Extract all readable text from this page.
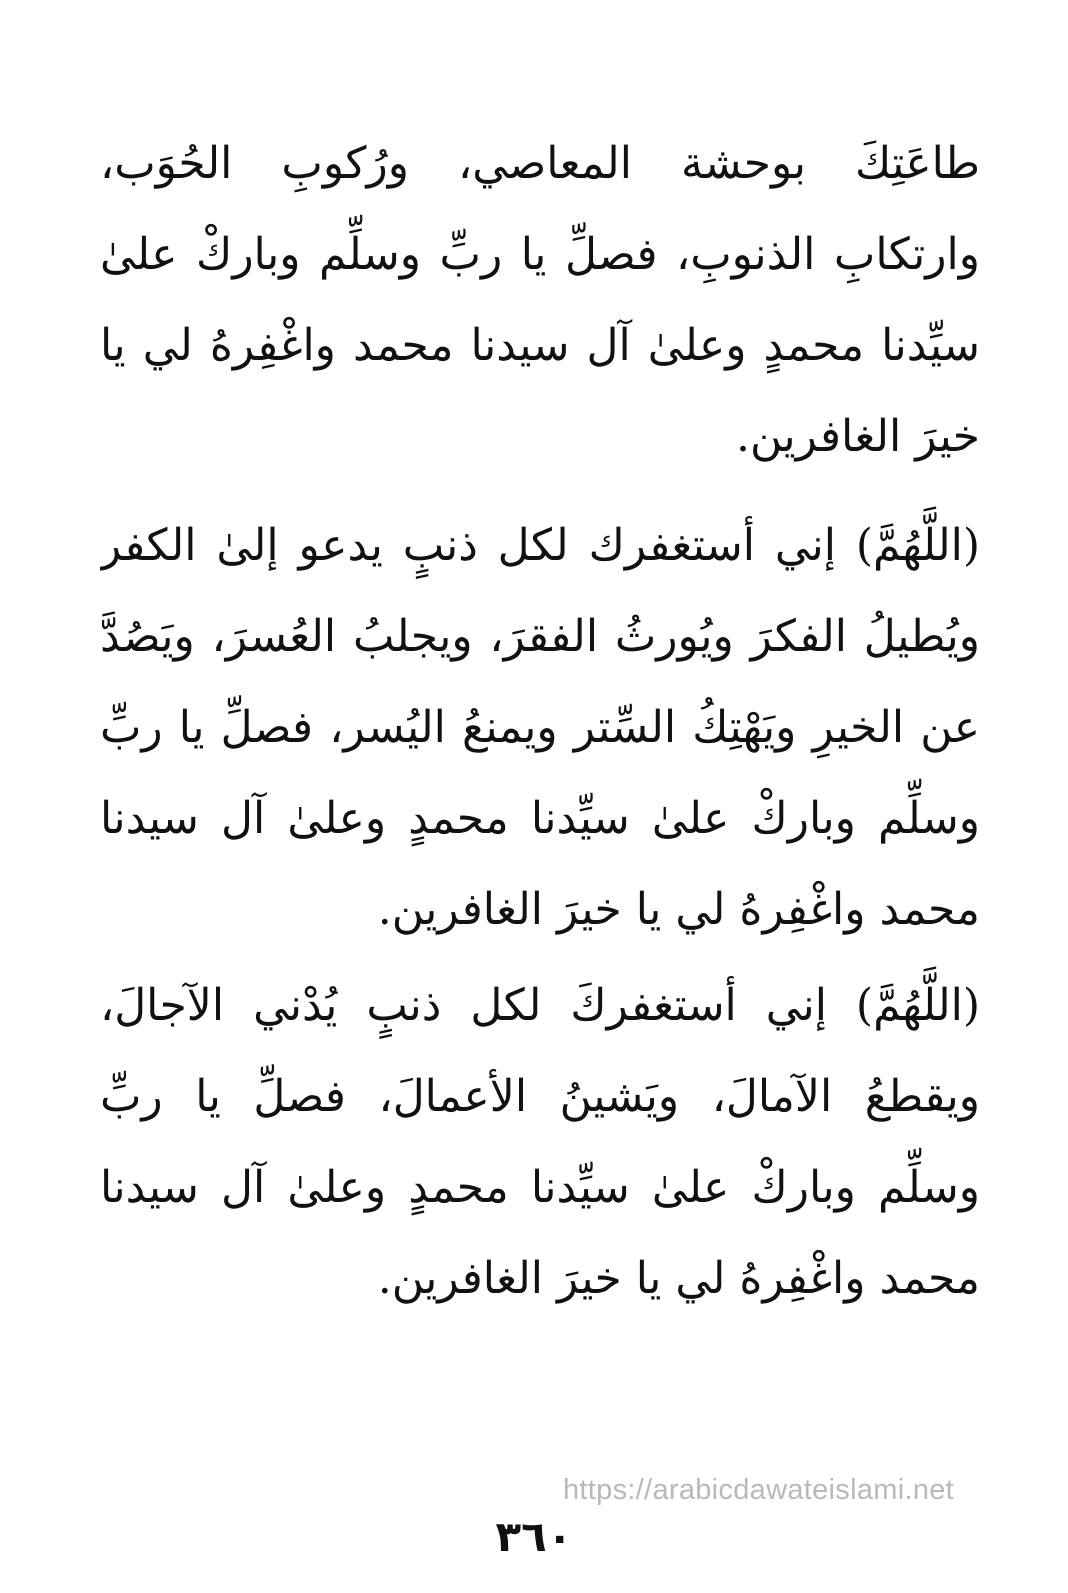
طاعَتِكَ بوحشة المعاصي، ورُكوبِ الحُوَب،
وارتكابِ الذنوبِ، فصلِّ يا ربِّ وسلِّم وباركْ علىٰ
سيِّدنا محمدٍ وعلىٰ آل سيدنا محمد واغْفِرهُ لي يا
خيرَ الغافرين.
(اللَّهُمَّ) إني أستغفرك لكل ذنبٍ يدعو إلىٰ الكفر
ويُطيلُ الفكرَ ويُورثُ الفقرَ، ويجلبُ العُسرَ، ويَصُدَّ
عن الخيرِ ويَهْتِكُ السِّتر ويمنعُ اليُسر، فصلِّ يا ربِّ
وسلِّم وباركْ علىٰ سيِّدنا محمدٍ وعلىٰ آل سيدنا
محمد واغْفِرهُ لي يا خيرَ الغافرين.
(اللَّهُمَّ) إني أستغفركَ لكل ذنبٍ يُدْني الآجالَ،
ويقطعُ الآمالَ، ويَشينُ الأعمالَ، فصلِّ يا ربِّ
وسلِّم وباركْ علىٰ سيِّدنا محمدٍ وعلىٰ آل سيدنا
محمد واغْفِرهُ لي يا خيرَ الغافرين.
https://arabicdawateislami.net
٣٦٠
